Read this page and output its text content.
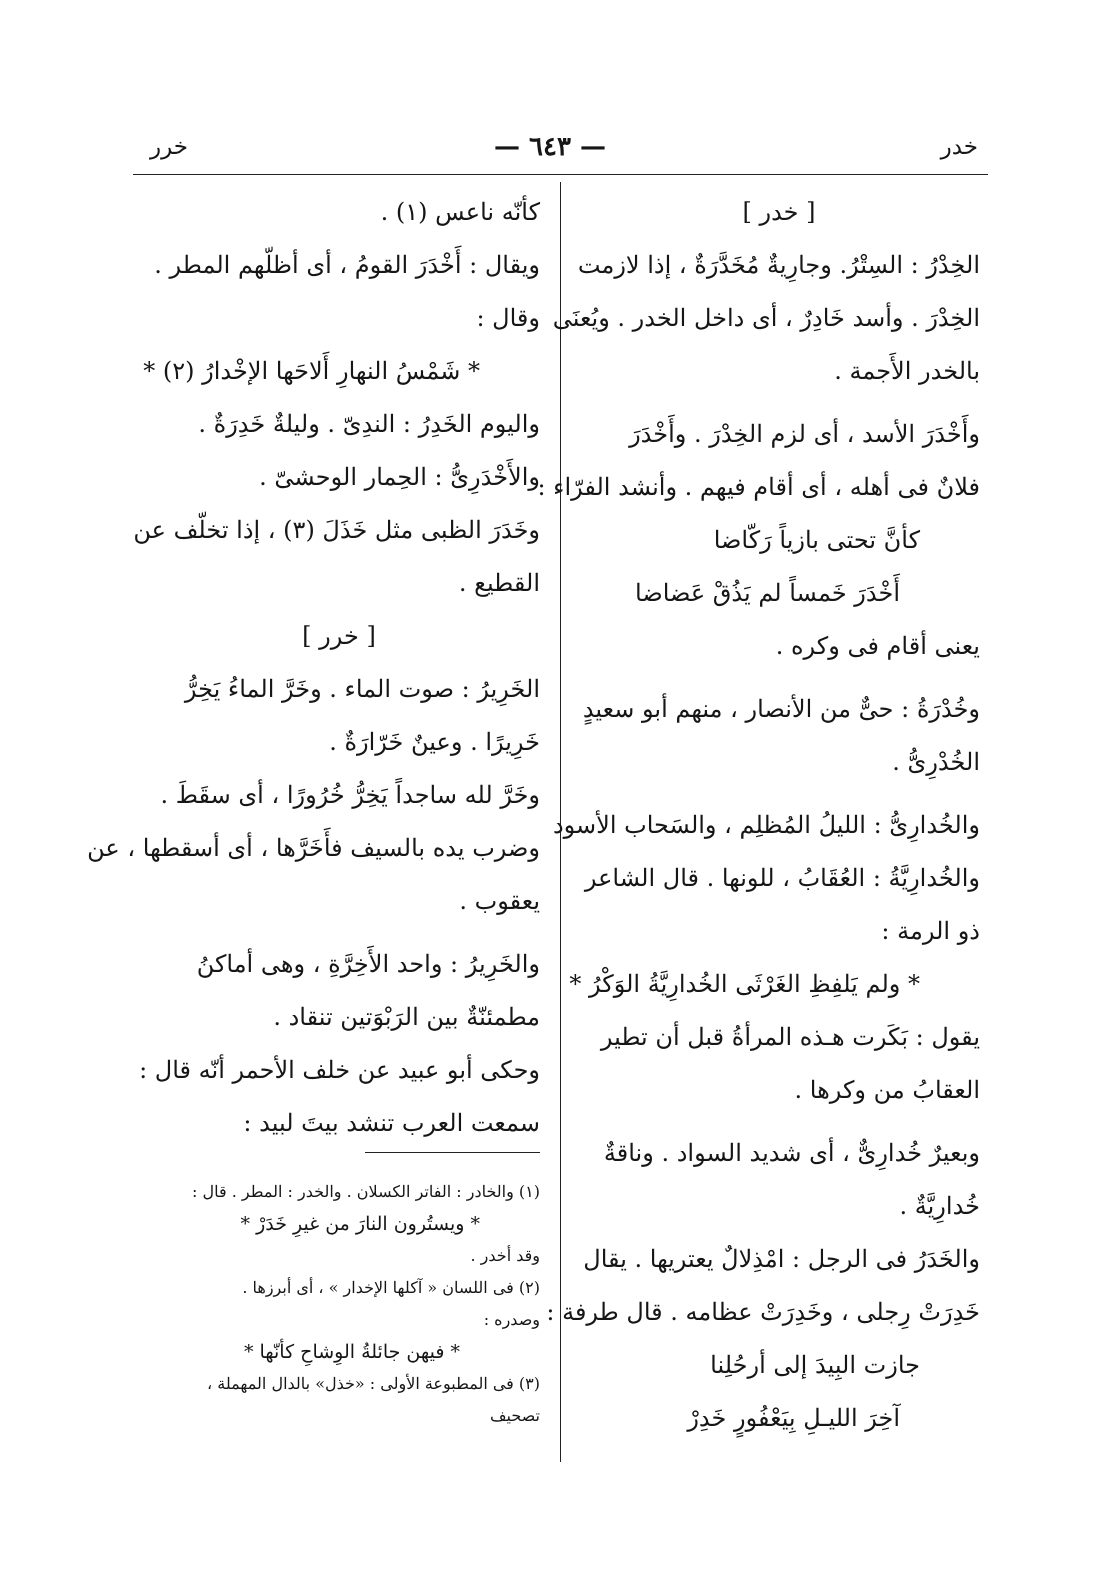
خدر
— ٦٤٣ —
خرر
[ خدر ]
الخِدْرُ : السِتْرُ. وجارِيةٌ مُخَدَّرَةٌ ، إذا لازمت
الخِدْرَ . وأسد خَادِرٌ ، أى داخل الخدر . ويُعنَى
بالخدر الأَجمة .
وأَخْدَرَ الأسد ، أى لزم الخِدْرَ . وأَخْدَرَ
فلانٌ فى أهله ، أى أقام فيهم . وأنشد الفرّاء :
كأنَّ تحتى بازياً رَكّاضا
أَخْدَرَ خَمساً لم يَذُقْ عَضاضا
يعنى أقام فى وكره .
وخُدْرَةُ : حىٌّ من الأنصار ، منهم أبو سعيدٍ
الخُدْرِىُّ .
والخُدارِىُّ : الليلُ المُظلِم ، والسَحاب الأسود
والخُدارِيَّةُ : العُقَابُ ، للونها . قال الشاعر
ذو الرمة :
* ولم يَلفِظِ الغَرْثَى الخُدارِيَّةُ الوَكْرُ *
يقول : بَكَرت هـذه المرأةُ قبل أن تطير
العقابُ من وكرها .
وبعيرٌ خُدارِىٌّ ، أى شديد السواد . وناقةٌ
خُدارِيَّةٌ .
والخَدَرُ فى الرجل : امْذِلالٌ يعتريها . يقال
خَدِرَتْ رِجلى ، وخَدِرَتْ عظامه . قال طرفة :
جازت البِيدَ إلى أرحُلِنا
آخِرَ الليـلِ بِيَعْفُورٍ خَدِرْ
كأنّه ناعس (١) .
ويقال : أَخْدَرَ القومُ ، أى أظلّهم المطر .
وقال :
* شَمْسُ النهارِ أَلاحَها الإخْدارُ (٢) *
واليوم الخَدِرُ : الندِىّ . وليلةٌ خَدِرَةٌ .
والأَخْدَرِىُّ : الحِمار الوحشىّ .
وخَدَرَ الظبى مثل خَذَلَ (٣) ، إذا تخلّف عن
القطيع .
[ خرر ]
الخَرِيرُ : صوت الماء . وخَرَّ الماءُ يَخِرُّ
خَرِيرًا . وعينٌ خَرّارَةٌ .
وخَرَّ لله ساجداً يَخِرُّ خُرُورًا ، أى سقَطَ .
وضرب يده بالسيف فأَخَرَّها ، أى أسقطها ، عن
يعقوب .
والخَرِيرُ : واحد الأَخِرَّةِ ، وهى أماكنُ
مطمئنّةٌ بين الرَبْوَتين تنقاد .
وحكى أبو عبيد عن خلف الأحمر أنّه قال :
سمعت العرب تنشد بيتَ لبيد :
(١) والخادر : الفاتر الكسلان . والخدر : المطر . قال :
* ويستُرون النارَ من غيرِ خَدَرْ *
وقد أخدر .
(٢) فى اللسان « آكلها الإخدار » ، أى أبرزها .
وصدره :
* فيهن جائلةُ الوِشاحِ كأنّها *
(٣) فى المطبوعة الأولى : «خذل» بالدال المهملة ،
تصحيف
